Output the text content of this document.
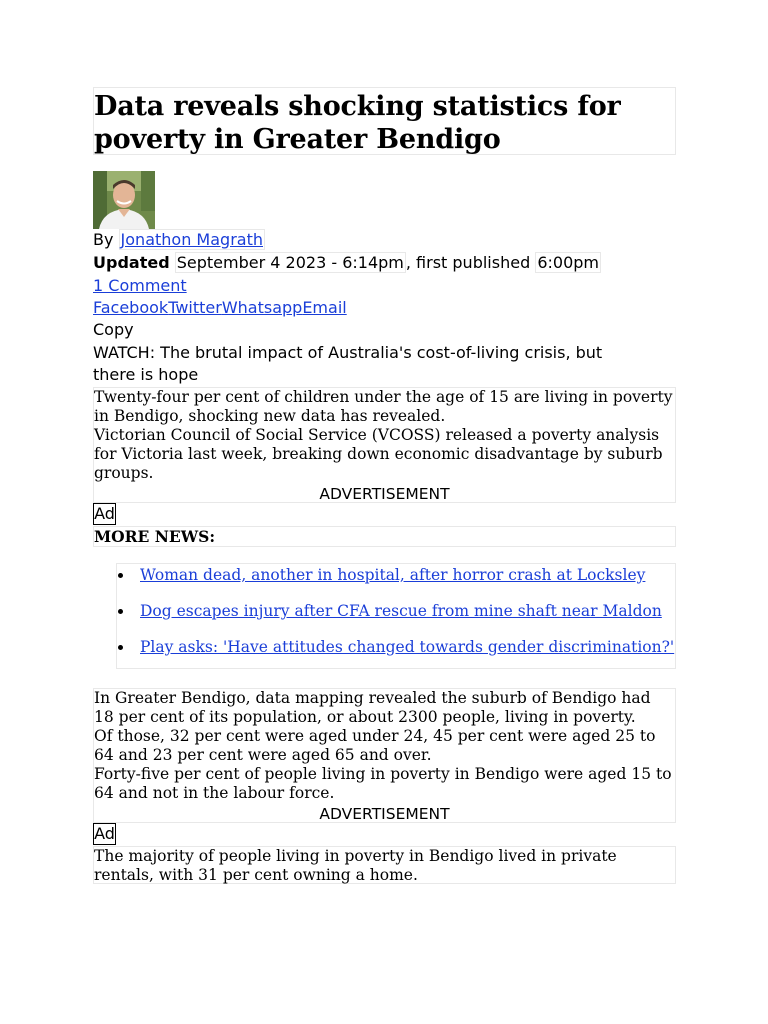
Data reveals shocking statistics for poverty in Greater Bendigo
By Jonathon Magrath
Updated September 4 2023 - 6:14pm , first published 6:00pm
1 Comment
FacebookTwitterWhatsappEmail
Copy
WATCH: The brutal impact of Australia's cost-of-living crisis, but there is hope

Twenty-four per cent of children under the age of 15 are living in poverty in Bendigo, shocking new data has revealed.

Victorian Council of Social Service (VCOSS) released a poverty analysis for Victoria last week, breaking down economic disadvantage by suburb groups.

ADVERTISEMENT
Ad
MORE NEWS:
Woman dead, another in hospital, after horror crash at Locksley
Dog escapes injury after CFA rescue from mine shaft near Maldon
Play asks: 'Have attitudes changed towards gender discrimination?'

In Greater Bendigo, data mapping revealed the suburb of Bendigo had 18 per cent of its population, or about 2300 people, living in poverty.

Of those, 32 per cent were aged under 24, 45 per cent were aged 25 to 64 and 23 per cent were aged 65 and over.

Forty-five per cent of people living in poverty in Bendigo were aged 15 to 64 and not in the labour force.

ADVERTISEMENT
Ad

The majority of people living in poverty in Bendigo lived in private rentals, with 31 per cent owning a home.
